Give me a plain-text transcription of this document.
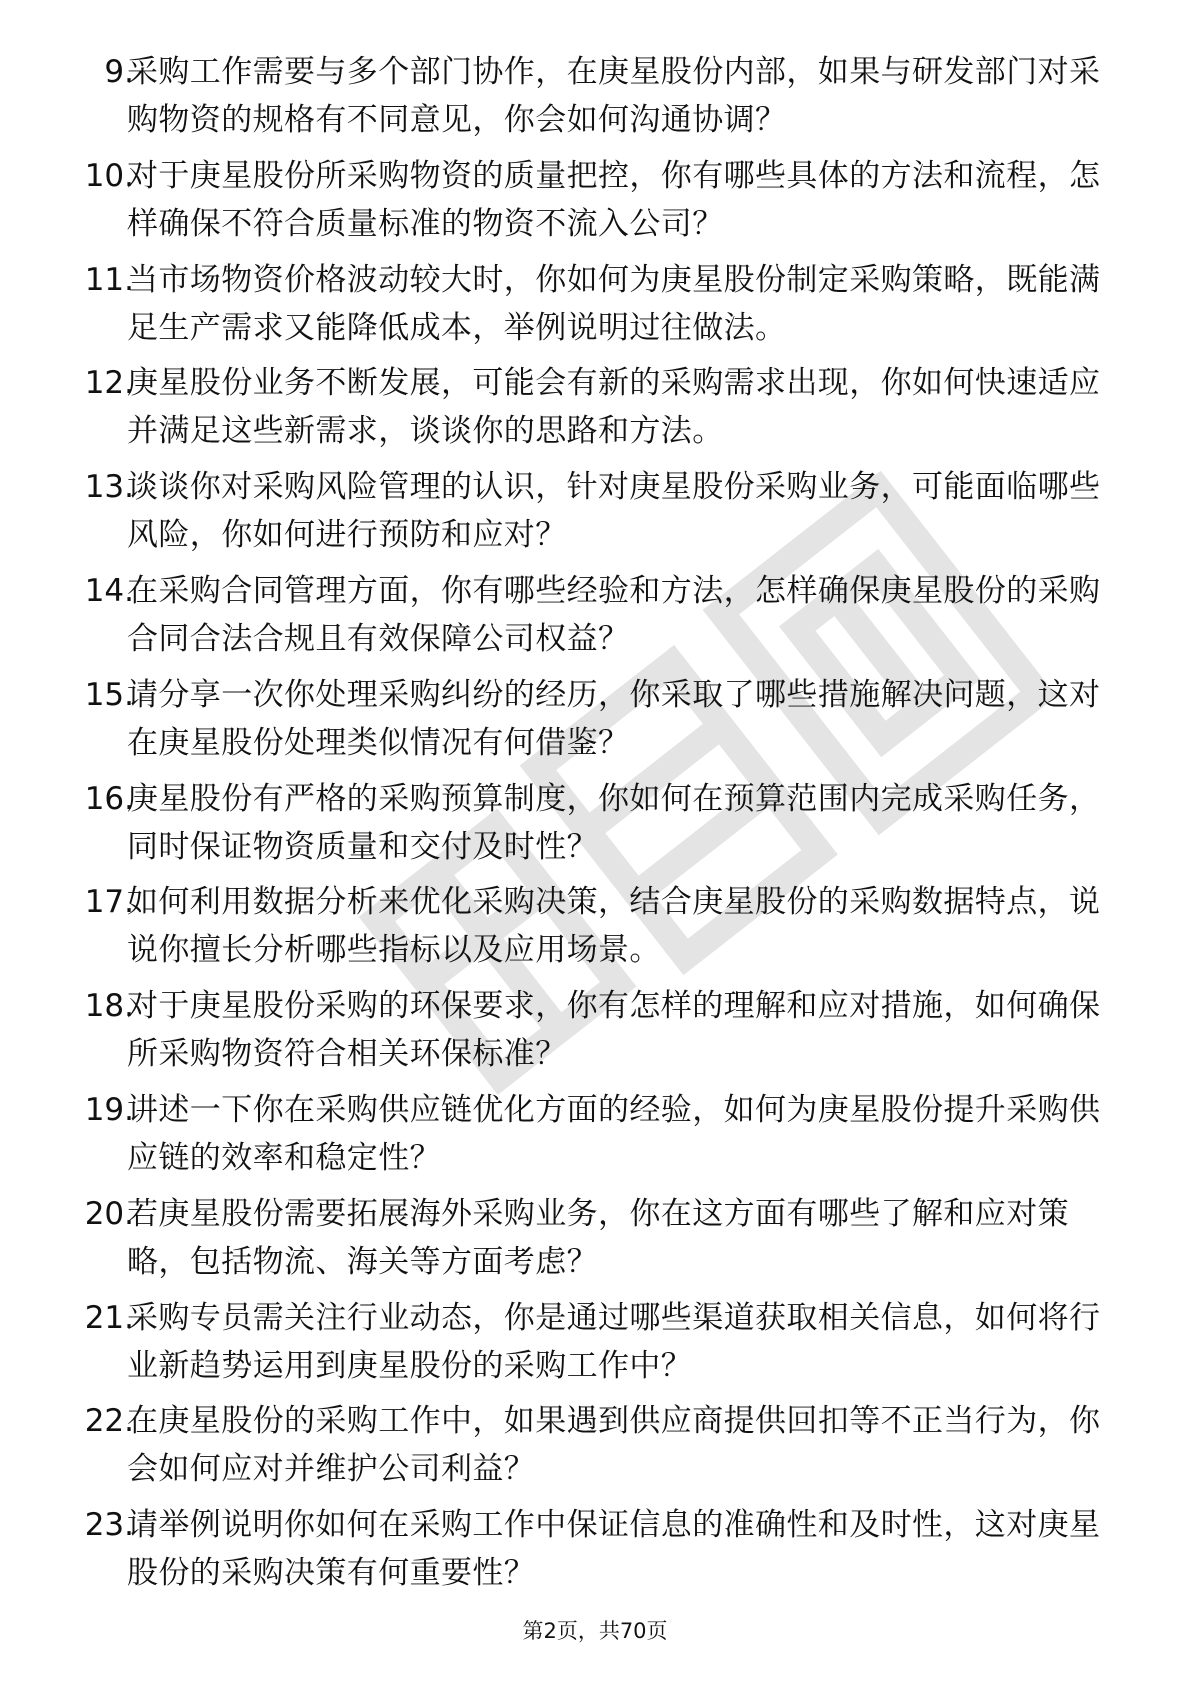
9.
采购工作需要与多个部门协作，在庚星股份内部，如果与研发部门对采购物资的规格有不同意见，你会如何沟通协调？
10.
对于庚星股份所采购物资的质量把控，你有哪些具体的方法和流程，怎样确保不符合质量标准的物资不流入公司？
11.
当市场物资价格波动较大时，你如何为庚星股份制定采购策略，既能满足生产需求又能降低成本，举例说明过往做法。
12.
庚星股份业务不断发展，可能会有新的采购需求出现，你如何快速适应并满足这些新需求，谈谈你的思路和方法。
13.
谈谈你对采购风险管理的认识，针对庚星股份采购业务，可能面临哪些风险，你如何进行预防和应对？
14.
在采购合同管理方面，你有哪些经验和方法，怎样确保庚星股份的采购合同合法合规且有效保障公司权益？
15.
请分享一次你处理采购纠纷的经历，你采取了哪些措施解决问题，这对在庚星股份处理类似情况有何借鉴？
16.
庚星股份有严格的采购预算制度，你如何在预算范围内完成采购任务，同时保证物资质量和交付及时性？
17.
如何利用数据分析来优化采购决策，结合庚星股份的采购数据特点，说说你擅长分析哪些指标以及应用场景。
18.
对于庚星股份采购的环保要求，你有怎样的理解和应对措施，如何确保所采购物资符合相关环保标准？
19.
讲述一下你在采购供应链优化方面的经验，如何为庚星股份提升采购供应链的效率和稳定性？
20.
若庚星股份需要拓展海外采购业务，你在这方面有哪些了解和应对策略，包括物流、海关等方面考虑？
21.
采购专员需关注行业动态，你是通过哪些渠道获取相关信息，如何将行业新趋势运用到庚星股份的采购工作中？
22.
在庚星股份的采购工作中，如果遇到供应商提供回扣等不正当行为，你会如何应对并维护公司利益？
23.
请举例说明你如何在采购工作中保证信息的准确性和及时性，这对庚星股份的采购决策有何重要性？
第2页，共70页
